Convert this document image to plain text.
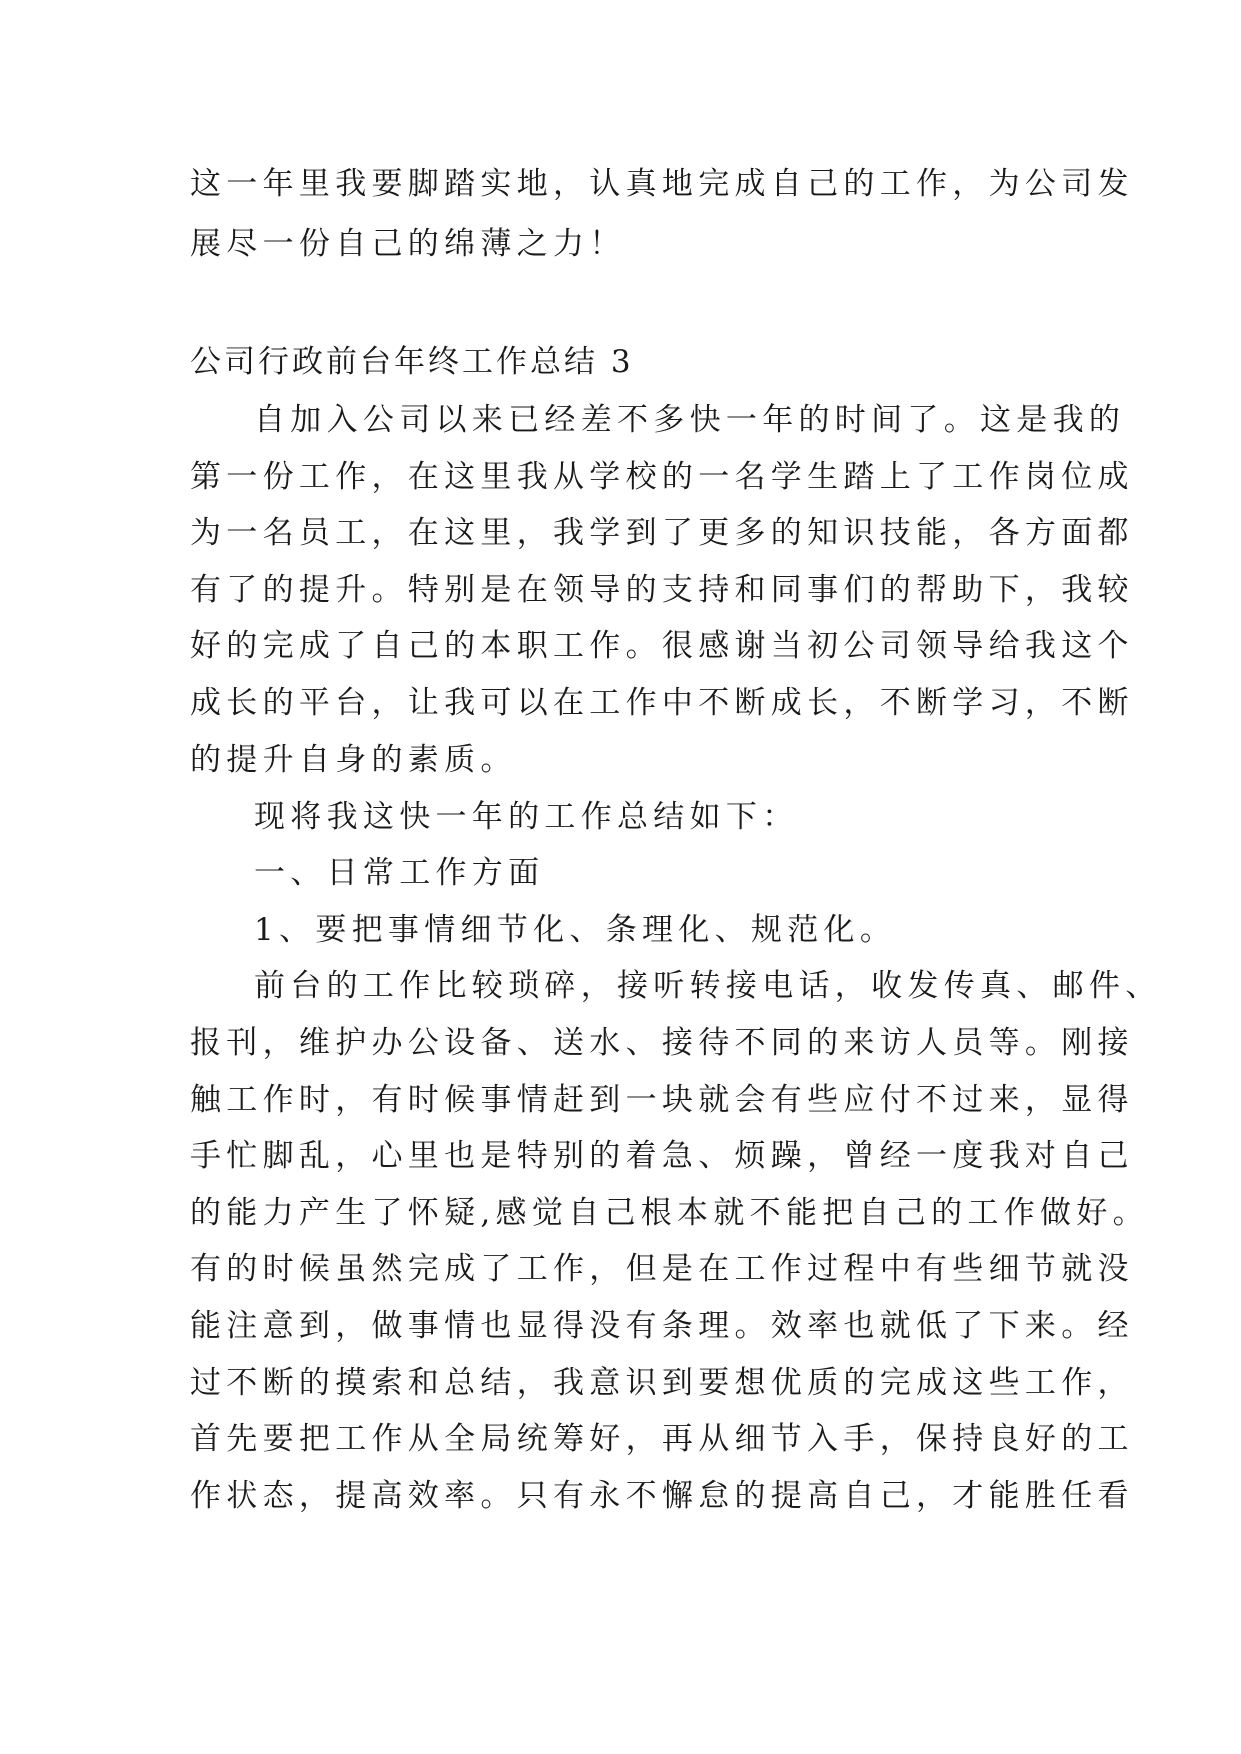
这一年里我要脚踏实地，认真地完成自己的工作，为公司发
展尽一份自己的绵薄之力！
公司行政前台年终工作总结 3
自加入公司以来已经差不多快一年的时间了。这是我的
第一份工作，在这里我从学校的一名学生踏上了工作岗位成
为一名员工，在这里，我学到了更多的知识技能，各方面都
有了的提升。特别是在领导的支持和同事们的帮助下，我较
好的完成了自己的本职工作。很感谢当初公司领导给我这个
成长的平台，让我可以在工作中不断成长，不断学习，不断
的提升自身的素质。
现将我这快一年的工作总结如下：
一、日常工作方面
1、要把事情细节化、条理化、规范化。
前台的工作比较琐碎，接听转接电话，收发传真、邮件、
报刊，维护办公设备、送水、接待不同的来访人员等。刚接
触工作时，有时候事情赶到一块就会有些应付不过来，显得
手忙脚乱，心里也是特别的着急、烦躁，曾经一度我对自己
的能力产生了怀疑,感觉自己根本就不能把自己的工作做好。
有的时候虽然完成了工作，但是在工作过程中有些细节就没
能注意到，做事情也显得没有条理。效率也就低了下来。经
过不断的摸索和总结，我意识到要想优质的完成这些工作，
首先要把工作从全局统筹好，再从细节入手，保持良好的工
作状态，提高效率。只有永不懈怠的提高自己，才能胜任看
